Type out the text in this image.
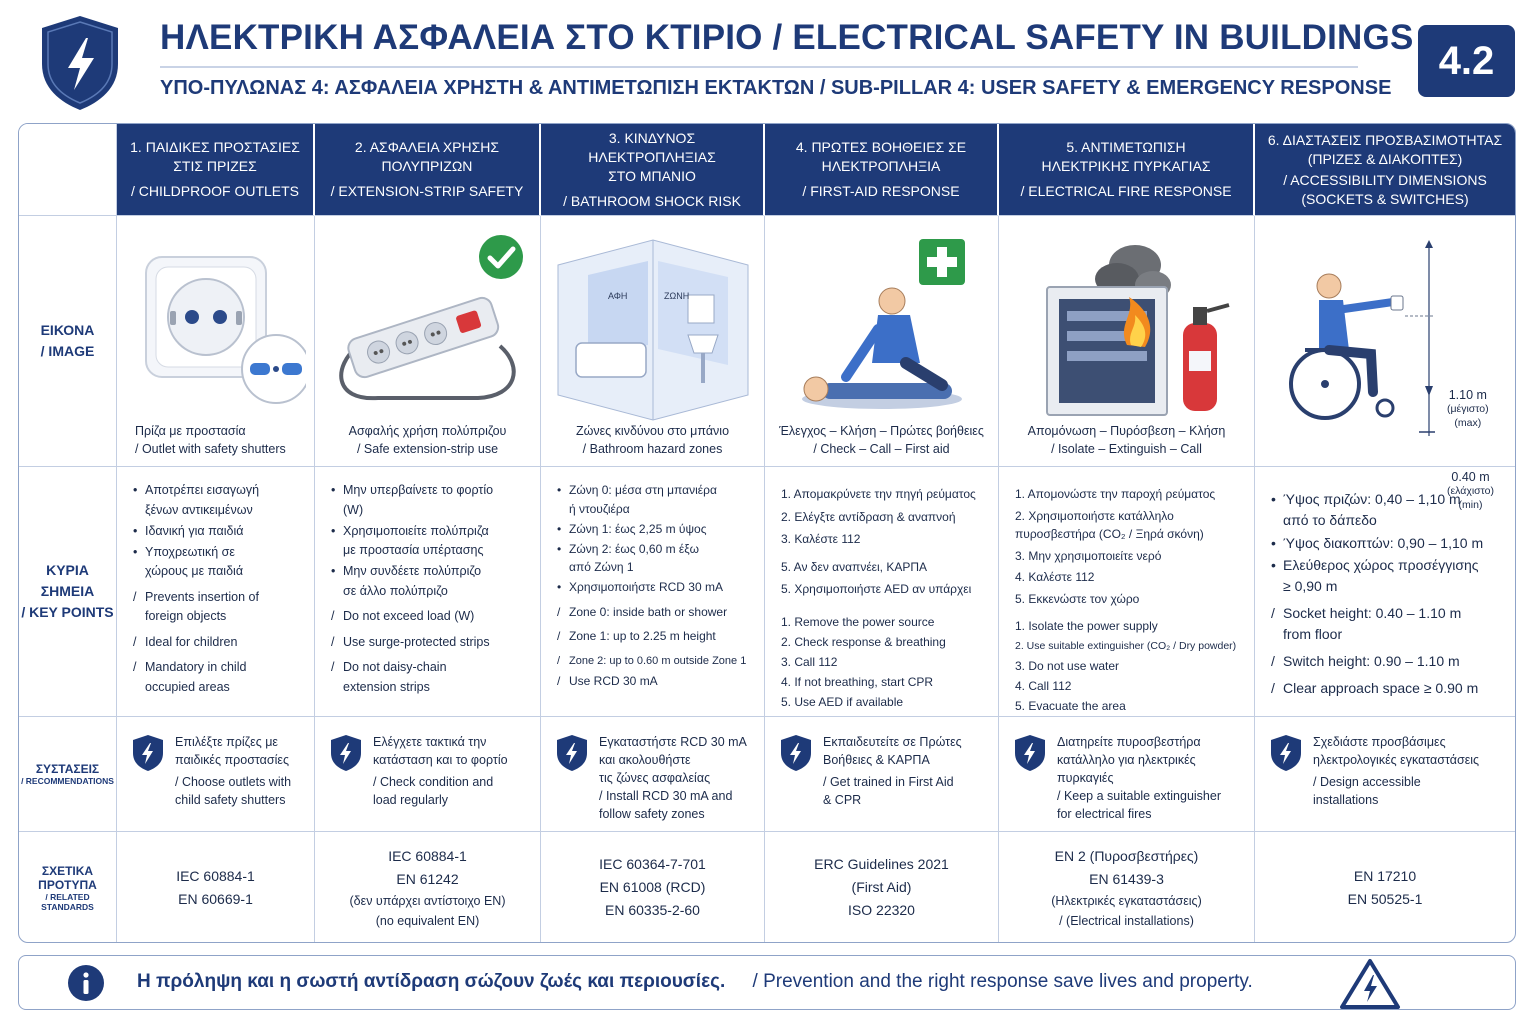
ΗΛΕΚΤΡΙΚΗ ΑΣΦΑΛΕΙΑ ΣΤΟ ΚΤΙΡΙΟ / ELECTRICAL SAFETY IN BUILDINGS
ΥΠΟ-ΠΥΛΩΝΑΣ 4: ΑΣΦΑΛΕΙΑ ΧΡΗΣΤΗ & ΑΝΤΙΜΕΤΩΠΙΣΗ ΕΚΤΑΚΤΩΝ / SUB-PILLAR 4: USER SAFETY & EMERGENCY RESPONSE
4.2
1. ΠΑΙΔΙΚΕΣ ΠΡΟΣΤΑΣΙΕΣ
ΣΤΙΣ ΠΡΙΖΕΣ
/ CHILDPROOF OUTLETS
2. ΑΣΦΑΛΕΙΑ ΧΡΗΣΗΣ
ΠΟΛΥΠΡΙΖΩΝ
/ EXTENSION-STRIP SAFETY
3. ΚΙΝΔΥΝΟΣ ΗΛΕΚΤΡΟΠΛΗΞΙΑΣ
ΣΤΟ ΜΠΑΝΙΟ
/ BATHROOM SHOCK RISK
4. ΠΡΩΤΕΣ ΒΟΗΘΕΙΕΣ ΣΕ
ΗΛΕΚΤΡΟΠΛΗΞΙΑ
/ FIRST-AID RESPONSE
5. ΑΝΤΙΜΕΤΩΠΙΣΗ
ΗΛΕΚΤΡΙΚΗΣ ΠΥΡΚΑΓΙΑΣ
/ ELECTRICAL FIRE RESPONSE
6. ΔΙΑΣΤΑΣΕΙΣ ΠΡΟΣΒΑΣΙΜΟΤΗΤΑΣ
(ΠΡΙΖΕΣ & ΔΙΑΚΟΠΤΕΣ)
/ ACCESSIBILITY DIMENSIONS
(SOCKETS & SWITCHES)
ΕΙΚΟΝΑ
/ IMAGE
Πρίζα με προστασία
/ Outlet with safety shutters
Ασφαλής χρήση πολύπριζου
/ Safe extension-strip use
ΑΦΗ	ΖΩΝΗ
Ζώνες κινδύνου στο μπάνιο
/ Bathroom hazard zones
Έλεγχος – Κλήση – Πρώτες βοήθειες
/ Check – Call – First aid
Απομόνωση – Πυρόσβεση – Κλήση
/ Isolate – Extinguish – Call
1.10 m
(μέγιστο)
(max)
0.40 m
(ελάχιστο)
(min)
ΚΥΡΙΑ ΣΗΜΕΙΑ
/ KEY POINTS
• Αποτρέπει εισαγωγή
ξένων αντικειμένων
• Ιδανική για παιδιά
• Υποχρεωτική σε
χώρους με παιδιά
/ Prevents insertion of
foreign objects
/ Ideal for children
/ Mandatory in child
occupied areas
• Μην υπερβαίνετε το φορτίο
(W)
• Χρησιμοποιείτε πολύπριζα
με προστασία υπέρτασης
• Μην συνδέετε πολύπριζο
σε άλλο πολύπριζο
/ Do not exceed load (W)
/ Use surge-protected strips
/ Do not daisy-chain
extension strips
• Ζώνη 0: μέσα στη μπανιέρα
ή ντουζιέρα
• Ζώνη 1: έως 2,25 m ύψος
• Ζώνη 2: έως 0,60 m έξω
από Ζώνη 1
• Χρησιμοποιήστε RCD 30 mA
/ Zone 0: inside bath or shower
/ Zone 1: up to 2.25 m height
/ Zone 2: up to 0.60 m outside Zone 1
/ Use RCD 30 mA
1. Απομακρύνετε την πηγή ρεύματος
2. Ελέγξτε αντίδραση & αναπνοή
3. Καλέστε 112
5. Αν δεν αναπνέει, ΚΑΡΠΑ
5. Χρησιμοποιήστε AED αν υπάρχει
1. Remove the power source
2. Check response & breathing
3. Call 112
4. If not breathing, start CPR
5. Use AED if available
1. Απομονώστε την παροχή ρεύματος
2. Χρησιμοποιήστε κατάλληλο
πυροσβεστήρα (CO₂ / Ξηρά σκόνη)
3. Μην χρησιμοποιείτε νερό
4. Καλέστε 112
5. Εκκενώστε τον χώρο
1. Isolate the power supply
2. Use suitable extinguisher (CO₂ / Dry powder)
3. Do not use water
4. Call 112
5. Evacuate the area
• Ύψος πριζών: 0,40 – 1,10 m
από το δάπεδο
• Ύψος διακοπτών: 0,90 – 1,10 m
• Ελεύθερος χώρος προσέγγισης
≥ 0,90 m
/ Socket height: 0.40 – 1.10 m
from floor
/ Switch height: 0.90 – 1.10 m
/ Clear approach space ≥ 0.90 m
ΣΥΣΤΑΣΕΙΣ
/ RECOMMENDATIONS
Επιλέξτε πρίζες με
παιδικές προστασίες
/ Choose outlets with
child safety shutters
Ελέγχετε τακτικά την
κατάσταση και το φορτίο
/ Check condition and
load regularly
Εγκαταστήστε RCD 30 mA
και ακολουθήστε
τις ζώνες ασφαλείας
/ Install RCD 30 mA and
follow safety zones
Εκπαιδευτείτε σε Πρώτες
Βοήθειες & ΚΑΡΠΑ
/ Get trained in First Aid
& CPR
Διατηρείτε πυροσβεστήρα
κατάλληλο για ηλεκτρικές
πυρκαγιές
/ Keep a suitable extinguisher
for electrical fires
Σχεδιάστε προσβάσιμες
ηλεκτρολογικές εγκαταστάσεις
/ Design accessible
installations
ΣΧΕΤΙΚΑ ΠΡΟΤΥΠΑ
/ RELATED STANDARDS
IEC 60884-1
EN 60669-1
IEC 60884-1
EN 61242
(δεν υπάρχει αντίστοιχο EN)
(no equivalent EN)
IEC 60364-7-701
EN 61008 (RCD)
EN 60335-2-60
ERC Guidelines 2021
(First Aid)
ISO 22320
EN 2 (Πυροσβεστήρες)
EN 61439-3
(Ηλεκτρικές εγκαταστάσεις)
/ (Electrical installations)
EN 17210
EN 50525-1
Η πρόληψη και η σωστή αντίδραση σώζουν ζωές και περιουσίες. / Prevention and the right response save lives and property.
